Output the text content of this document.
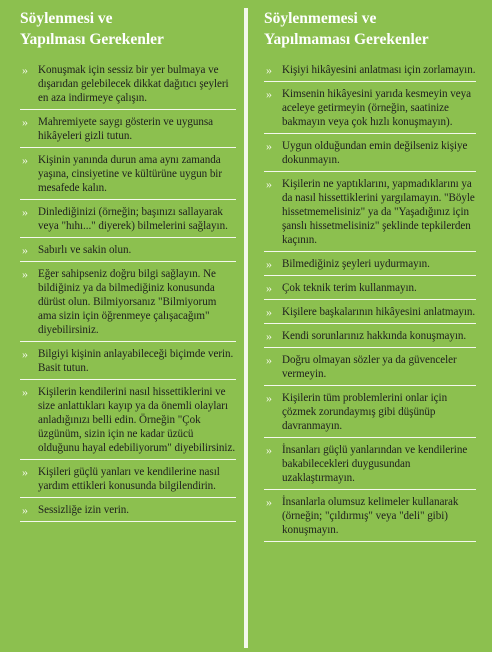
Söylenmesi ve
Yapılması Gerekenler
» Konuşmak için sessiz bir yer bulmaya ve dışarıdan gelebilecek dikkat dağıtıcı şeyleri en aza indirmeye çalışın.
» Mahremiyete saygı gösterin ve uygunsa hikâyeleri gizli tutun.
» Kişinin yanında durun ama aynı zamanda yaşına, cinsiyetine ve kültürüne uygun bir mesafede kalın.
» Dinlediğinizi (örneğin; başınızı sallayarak veya "hıhı..." diyerek) bilmelerini sağlayın.
» Sabırlı ve sakin olun.
» Eğer sahipseniz doğru bilgi sağlayın. Ne bildiğiniz ya da bilmediğiniz konusunda dürüst olun. Bilmiyorsanız "Bilmiyorum ama sizin için öğrenmeye çalışacağım" diyebilirsiniz.
» Bilgiyi kişinin anlayabileceği biçimde verin. Basit tutun.
» Kişilerin kendilerini nasıl hissettiklerini ve sizе anlattıkları kayıp ya da önemli olayları anladığınızı belli edin. Örneğin "Çok üzgünüm, sizin için ne kadar üzücü olduğunu hayal edebiliyorum" diyebilirsiniz.
» Kişileri güçlü yanları ve kendilerine nasıl yardım ettikleri konusunda bilgilendirin.
» Sessizliğe izin verin.
Söylenmemesi ve
Yapılmaması Gerekenler
» Kişiyi hikâyesini anlatması için zorlamayın.
» Kimsenin hikâyesini yarıda kesmeyin veya aceleye getirmeyin (örneğin, saatinize bakmayın veya çok hızlı konuşmayın).
» Uygun olduğundan emin değilseniz kişiye dokunmayın.
» Kişilerin ne yaptıklarını, yapmadıklarını ya da nasıl hissettiklerini yargılamayın. "Böyle hissetmemelisiniz" ya da "Yaşadığınız için şanslı hissetmelisiniz" şeklinde tepkilerden kaçının.
» Bilmediğiniz şeyleri uydurmayın.
» Çok teknik terim kullanmayın.
» Kişilere başkalarının hikâyesini anlatmayın.
» Kendi sorunlarınız hakkında konuşmayın.
» Doğru olmayan sözler ya da güvenceler vermeyin.
» Kişilerin tüm problemlerini onlar için çözmek zorundaymış gibi düşünüp davranmayın.
» İnsanları güçlü yanlarından ve kendilerine bakabilecekleri duygusundan uzaklaştırmayın.
» İnsanlarla olumsuz kelimeler kullanarak (örneğin; "çıldırmış" veya "deli" gibi) konuşmayın.
